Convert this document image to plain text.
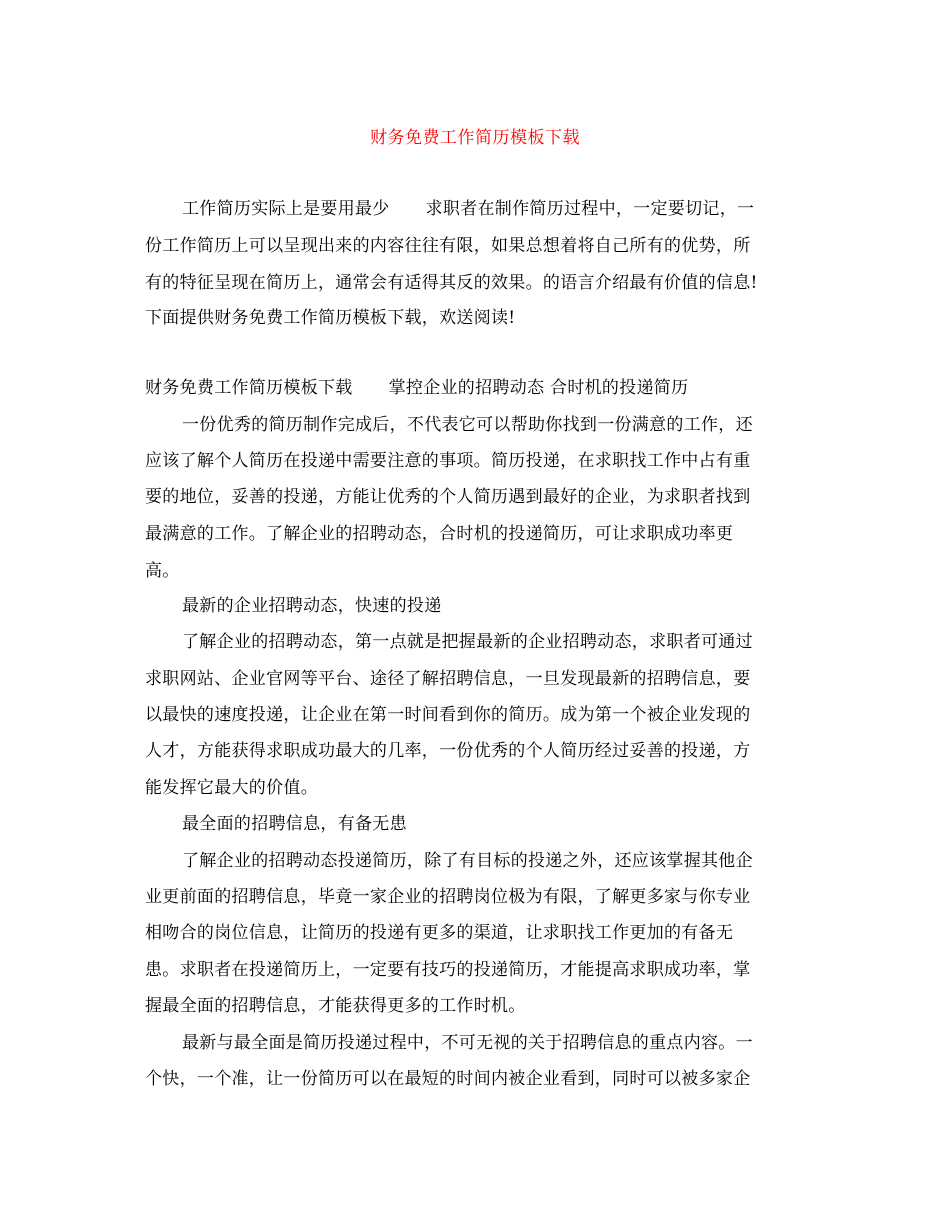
财务免费工作简历模板下载
工作简历实际上是要用最少 求职者在制作简历过程中，一定要切记，一
份工作简历上可以呈现出来的内容往往有限，如果总想着将自己所有的优势，所
有的特征呈现在简历上，通常会有适得其反的效果。的语言介绍最有价值的信息!
下面提供财务免费工作简历模板下载，欢送阅读!
财务免费工作简历模板下载 掌控企业的招聘动态 合时机的投递简历
一份优秀的简历制作完成后，不代表它可以帮助你找到一份满意的工作，还
应该了解个人简历在投递中需要注意的事项。简历投递，在求职找工作中占有重
要的地位，妥善的投递，方能让优秀的个人简历遇到最好的企业，为求职者找到
最满意的工作。了解企业的招聘动态，合时机的投递简历，可让求职成功率更
高。
最新的企业招聘动态，快速的投递
了解企业的招聘动态，第一点就是把握最新的企业招聘动态，求职者可通过
求职网站、企业官网等平台、途径了解招聘信息，一旦发现最新的招聘信息，要
以最快的速度投递，让企业在第一时间看到你的简历。成为第一个被企业发现的
人才，方能获得求职成功最大的几率，一份优秀的个人简历经过妥善的投递，方
能发挥它最大的价值。
最全面的招聘信息，有备无患
了解企业的招聘动态投递简历，除了有目标的投递之外，还应该掌握其他企
业更前面的招聘信息，毕竟一家企业的招聘岗位极为有限，了解更多家与你专业
相吻合的岗位信息，让简历的投递有更多的渠道，让求职找工作更加的有备无
患。求职者在投递简历上，一定要有技巧的投递简历，才能提高求职成功率，掌
握最全面的招聘信息，才能获得更多的工作时机。
最新与最全面是简历投递过程中，不可无视的关于招聘信息的重点内容。一
个快，一个准，让一份简历可以在最短的时间内被企业看到，同时可以被多家企
